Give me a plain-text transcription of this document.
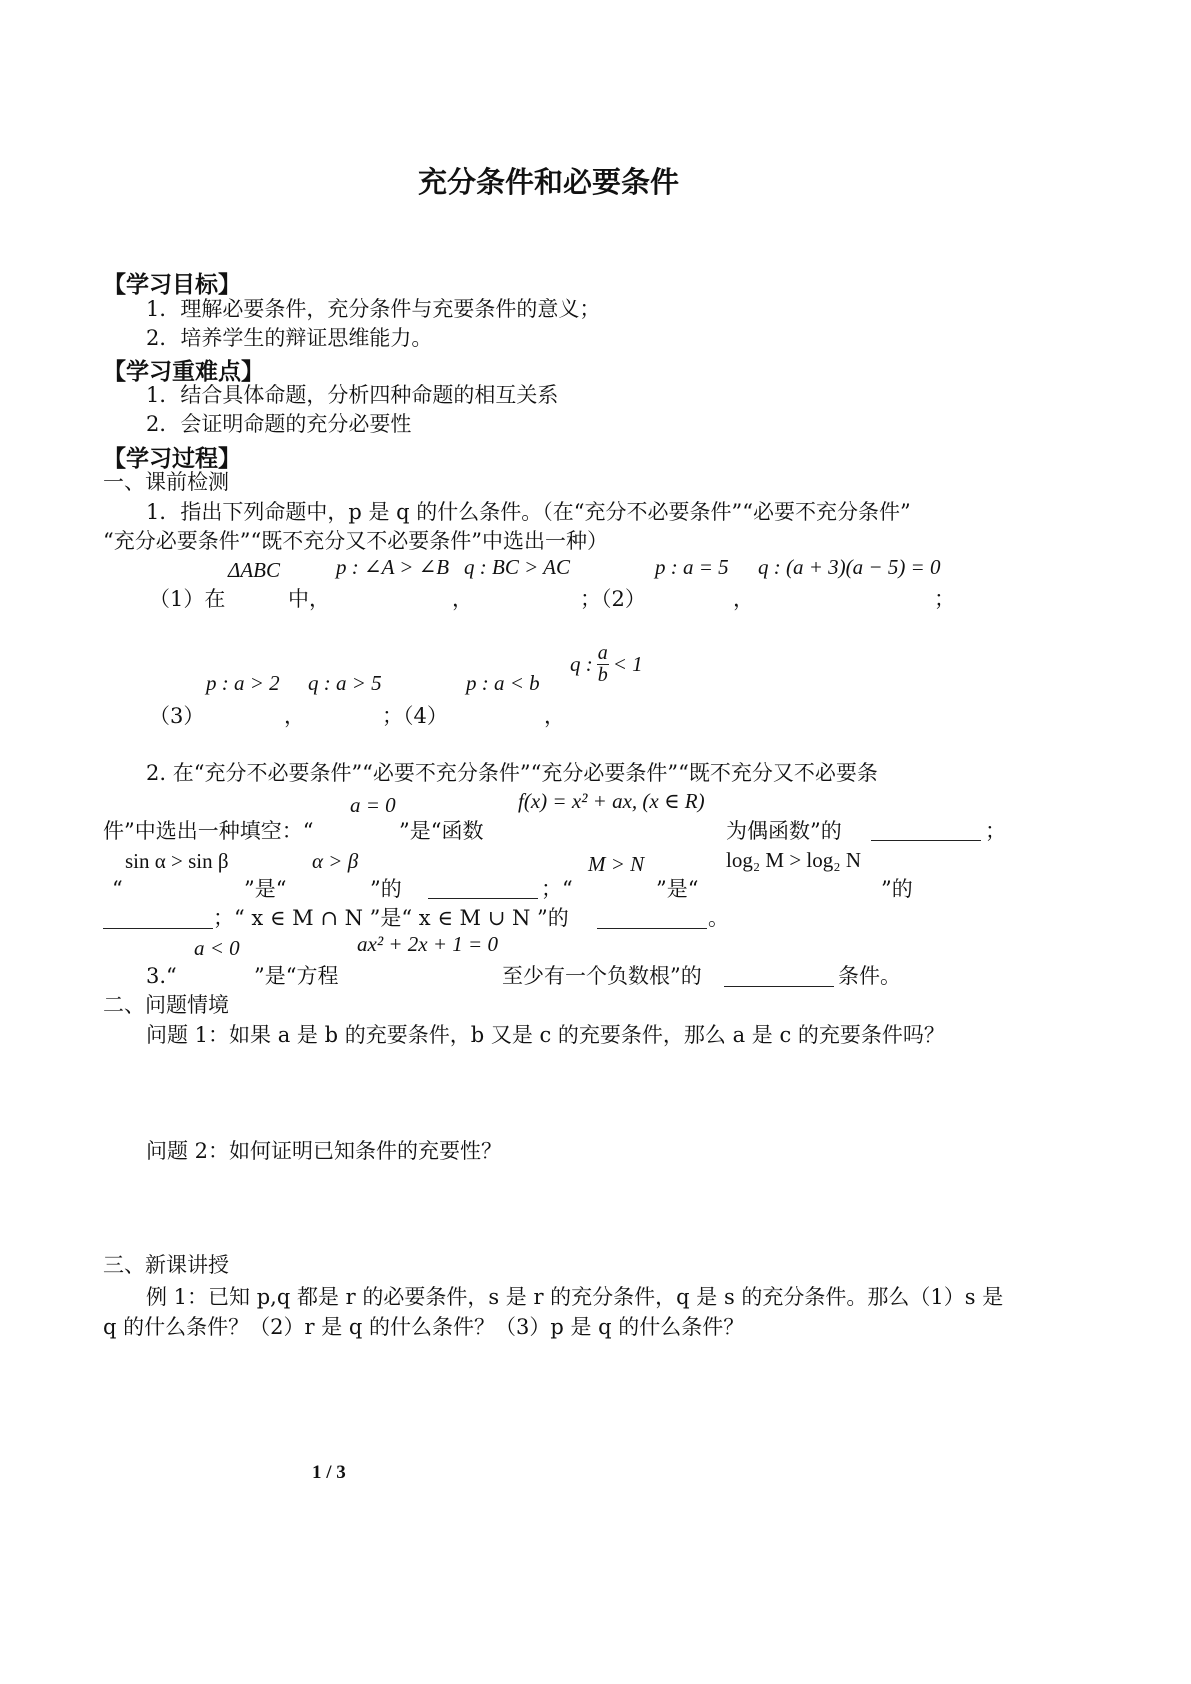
充分条件和必要条件
【学习目标】
1．理解必要条件，充分条件与充要条件的意义；
2．培养学生的辩证思维能力。
【学习重难点】
1．结合具体命题，分析四种命题的相互关系
2．会证明命题的充分必要性
【学习过程】
一、课前检测
1．指出下列命题中，p 是 q 的什么条件。（在“充分不必要条件”“必要不充分条件”
“充分必要条件”“既不充分又不必要条件”中选出一种）
ΔABC	p : ∠A > ∠B q : BC > AC	p : a = 5 q : (a + 3)(a − 5) = 0
（1）在	中，	，	；（2）	，	；
p : a > 2 q : a > 5	p : a < b
q : $\frac{a}{b} < 1$
（3）	，	；（4）	，
2. 在“充分不必要条件”“必要不充分条件”“充分必要条件”“既不充分又不必要条
a = 0	f(x) = x² + ax, (x ∈ R)
件”中选出一种填空：“	”是“函数	为偶函数”的	；
sin α > sin β	α > β	M > N	log₂ M > log₂ N
“	”是“	”的	；“	”是“	”的
；“ x ∈ M ∩ N ”是“ x ∈ M ∪ N ”的	。
a < 0	ax² + 2x + 1 = 0
3.“	”是“方程	至少有一个负数根”的	条件。
二、问题情境
问题 1：如果 a 是 b 的充要条件，b 又是 c 的充要条件，那么 a 是 c 的充要条件吗？
问题 2：如何证明已知条件的充要性？
三、新课讲授
例 1：已知 p,q 都是 r 的必要条件，s 是 r 的充分条件，q 是 s 的充分条件。那么（1）s 是
q 的什么条件？（2）r 是 q 的什么条件？（3）p 是 q 的什么条件？
1 / 3
